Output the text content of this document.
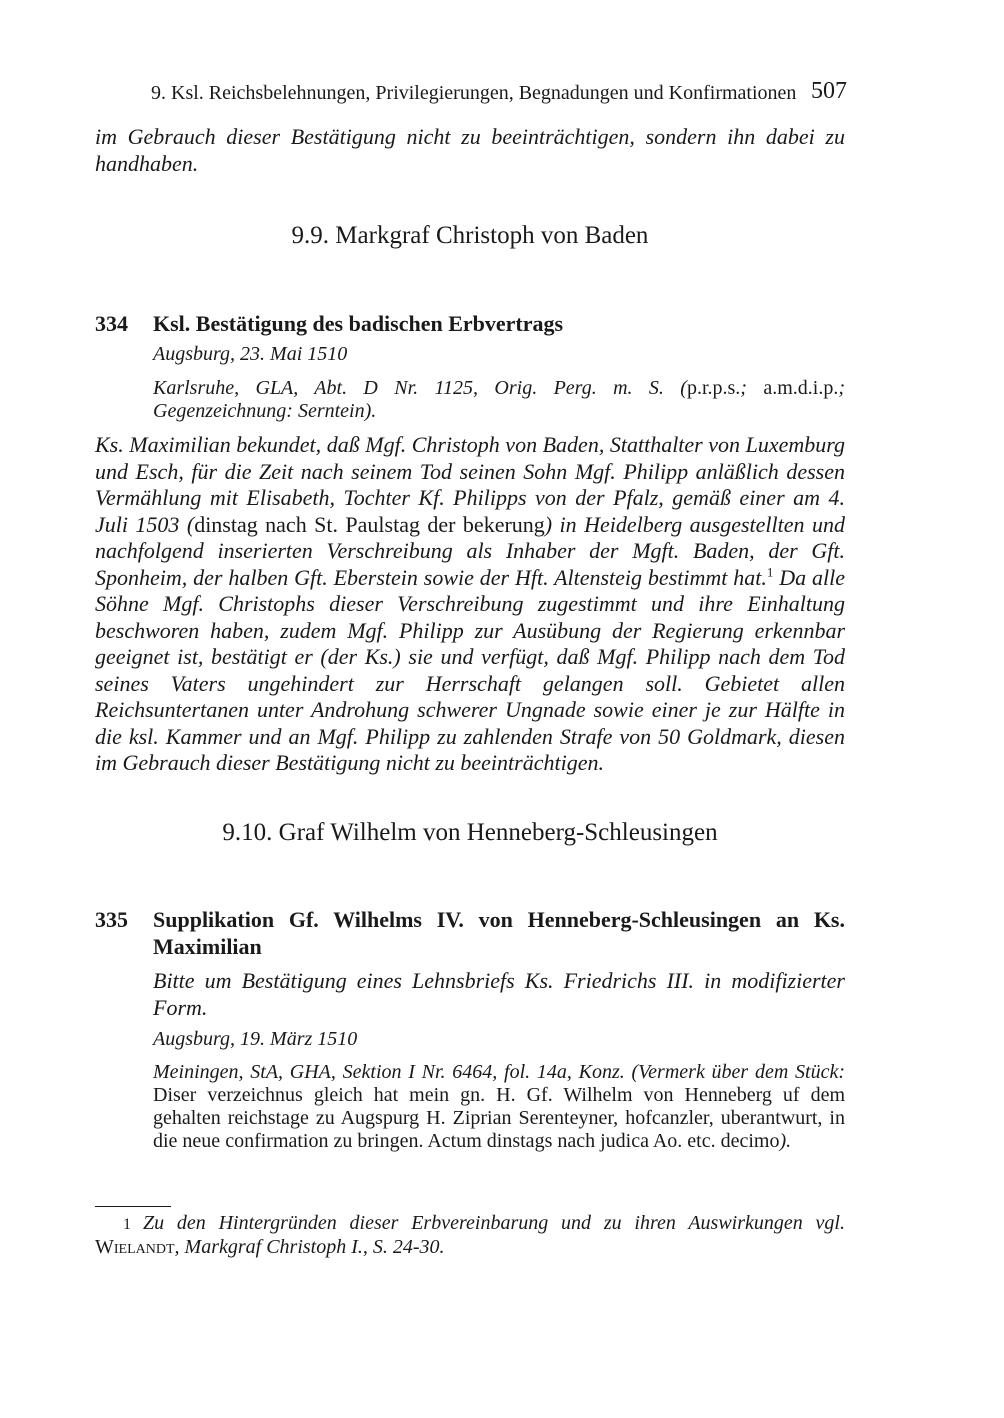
9. Ksl. Reichsbelehnungen, Privilegierungen, Begnadungen und Konfirmationen 507
im Gebrauch dieser Bestätigung nicht zu beeinträchtigen, sondern ihn dabei zu handhaben.
9.9. Markgraf Christoph von Baden
334 Ksl. Bestätigung des badischen Erbvertrags
Augsburg, 23. Mai 1510
Karlsruhe, GLA, Abt. D Nr. 1125, Orig. Perg. m. S. (p.r.p.s.; a.m.d.i.p.; Gegenzeichnung: Serntein).
Ks. Maximilian bekundet, daß Mgf. Christoph von Baden, Statthalter von Luxemburg und Esch, für die Zeit nach seinem Tod seinen Sohn Mgf. Philipp anläßlich dessen Vermählung mit Elisabeth, Tochter Kf. Philipps von der Pfalz, gemäß einer am 4. Juli 1503 (dinstag nach St. Paulstag der bekerung) in Heidelberg ausgestellten und nachfolgend inserierten Verschreibung als Inhaber der Mgft. Baden, der Gft. Sponheim, der halben Gft. Eberstein sowie der Hft. Altensteig bestimmt hat.$^1$ Da alle Söhne Mgf. Christophs dieser Verschreibung zugestimmt und ihre Einhaltung beschworen haben, zudem Mgf. Philipp zur Ausübung der Regierung erkennbar geeignet ist, bestätigt er (der Ks.) sie und verfügt, daß Mgf. Philipp nach dem Tod seines Vaters ungehindert zur Herrschaft gelangen soll. Gebietet allen Reichsuntertanen unter Androhung schwerer Ungnade sowie einer je zur Hälfte in die ksl. Kammer und an Mgf. Philipp zu zahlenden Strafe von 50 Goldmark, diesen im Gebrauch dieser Bestätigung nicht zu beeinträchtigen.
9.10. Graf Wilhelm von Henneberg-Schleusingen
335 Supplikation Gf. Wilhelms IV. von Henneberg-Schleusingen an Ks. Maximilian
Bitte um Bestätigung eines Lehnsbriefs Ks. Friedrichs III. in modifizierter Form.
Augsburg, 19. März 1510
Meiningen, StA, GHA, Sektion I Nr. 6464, fol. 14a, Konz. (Vermerk über dem Stück: Diser verzeichnus gleich hat mein gn. H. Gf. Wilhelm von Henneberg uf dem gehalten reichstage zu Augspurg H. Ziprian Serenteyner, hofcanzler, uberantwurt, in die neue confirmation zu bringen. Actum dinstags nach judica Ao. etc. decimo).
1 Zu den Hintergründen dieser Erbvereinbarung und zu ihren Auswirkungen vgl. Wielandt, Markgraf Christoph I., S. 24-30.
